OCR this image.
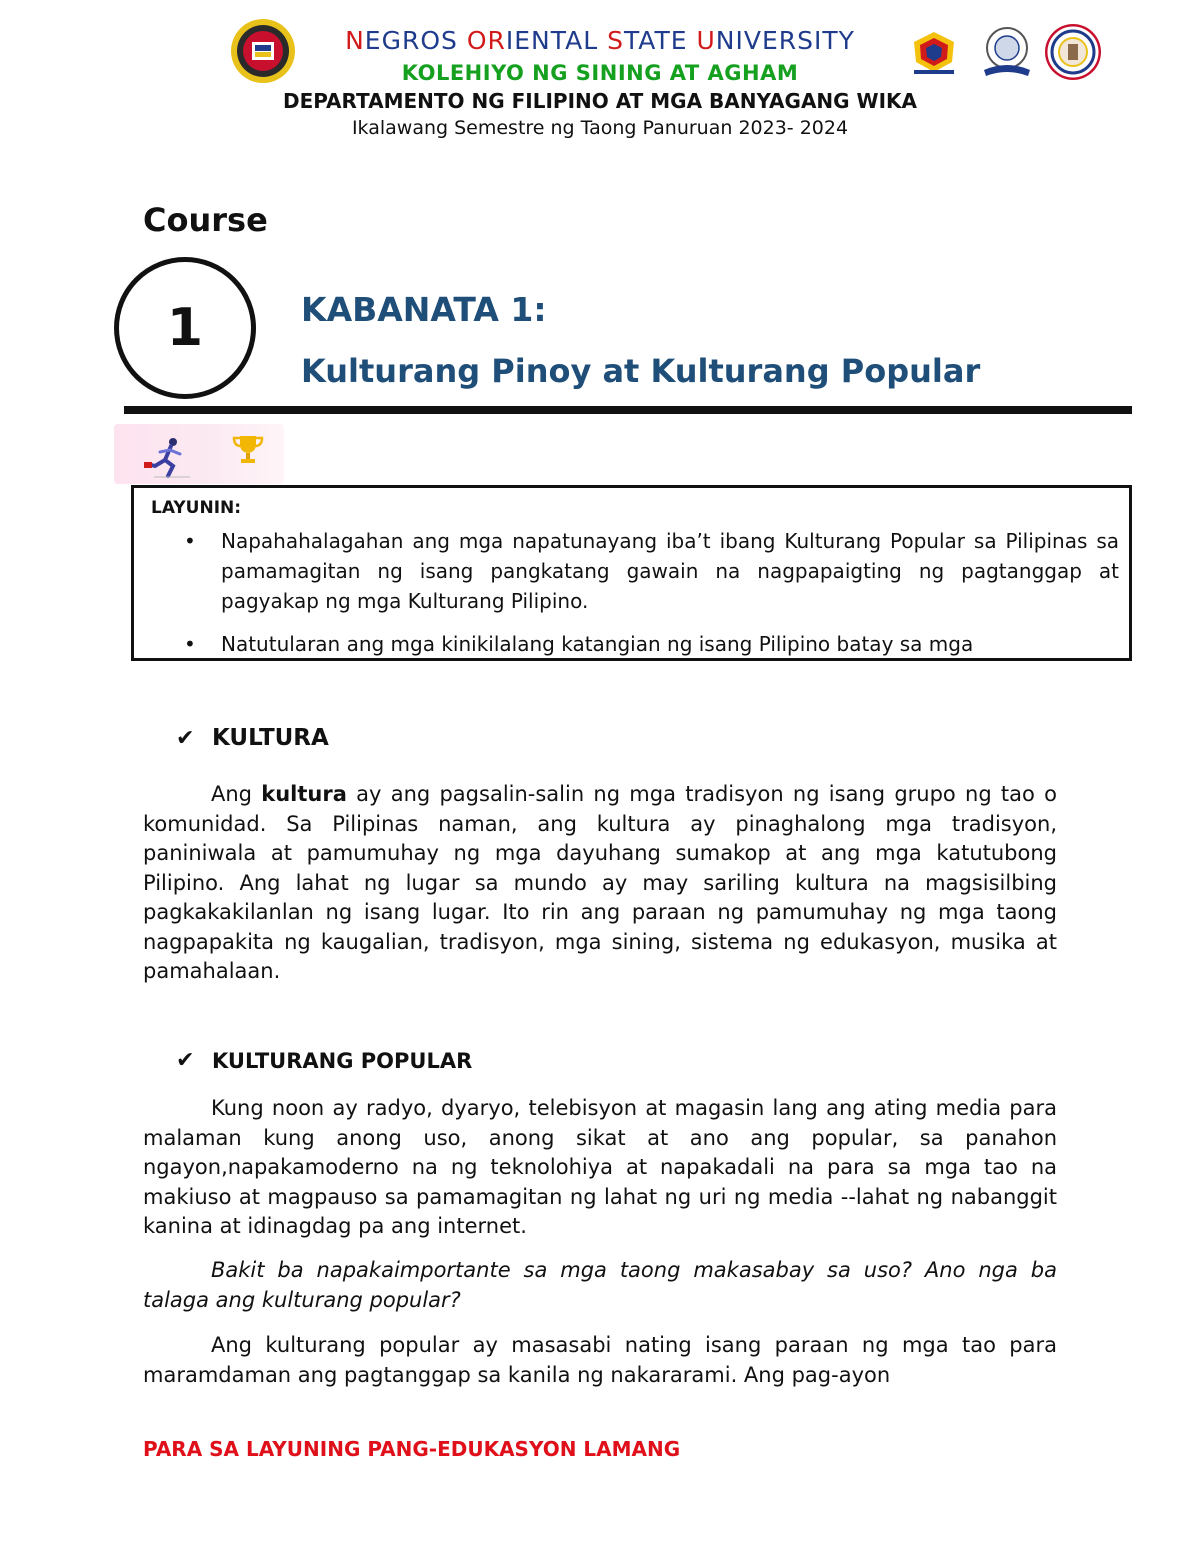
NEGROS ORIENTAL STATE UNIVERSITY
KOLEHIYO NG SINING AT AGHAM
DEPARTAMENTO NG FILIPINO AT MGA BANYAGANG WIKA
Ikalawang Semestre ng Taong Panuruan 2023- 2024
Course
1	KABANATA 1:
Kulturang Pinoy at Kulturang Popular
LAYUNIN:
• Napahahalagahan ang mga napatunayang iba’t ibang Kulturang Popular sa Pilipinas sa pamamagitan ng isang pangkatang gawain na nagpapaigting ng pagtanggap at pagyakap ng mga Kulturang Pilipino.
• Natutularan ang mga kinikilalang katangian ng isang Pilipino batay sa mga
✔ KULTURA
Ang kultura ay ang pagsalin-salin ng mga tradisyon ng isang grupo ng tao o komunidad. Sa Pilipinas naman, ang kultura ay pinaghalong mga tradisyon, paniniwala at pamumuhay ng mga dayuhang sumakop at ang mga katutubong Pilipino. Ang lahat ng lugar sa mundo ay may sariling kultura na magsisilbing pagkakakilanlan ng isang lugar. Ito rin ang paraan ng pamumuhay ng mga taong nagpapakita ng kaugalian, tradisyon, mga sining, sistema ng edukasyon, musika at pamahalaan.
✔ KULTURANG POPULAR
Kung noon ay radyo, dyaryo, telebisyon at magasin lang ang ating media para malaman kung anong uso, anong sikat at ano ang popular, sa panahon ngayon,napakamoderno na ng teknolohiya at napakadali na para sa mga tao na makiuso at magpauso sa pamamagitan ng lahat ng uri ng media --lahat ng nabanggit kanina at idinagdag pa ang internet.
Bakit ba napakaimportante sa mga taong makasabay sa uso? Ano nga ba talaga ang kulturang popular?
Ang kulturang popular ay masasabi nating isang paraan ng mga tao para maramdaman ang pagtanggap sa kanila ng nakararami. Ang pag-ayon
PARA SA LAYUNING PANG-EDUKASYON LAMANG
